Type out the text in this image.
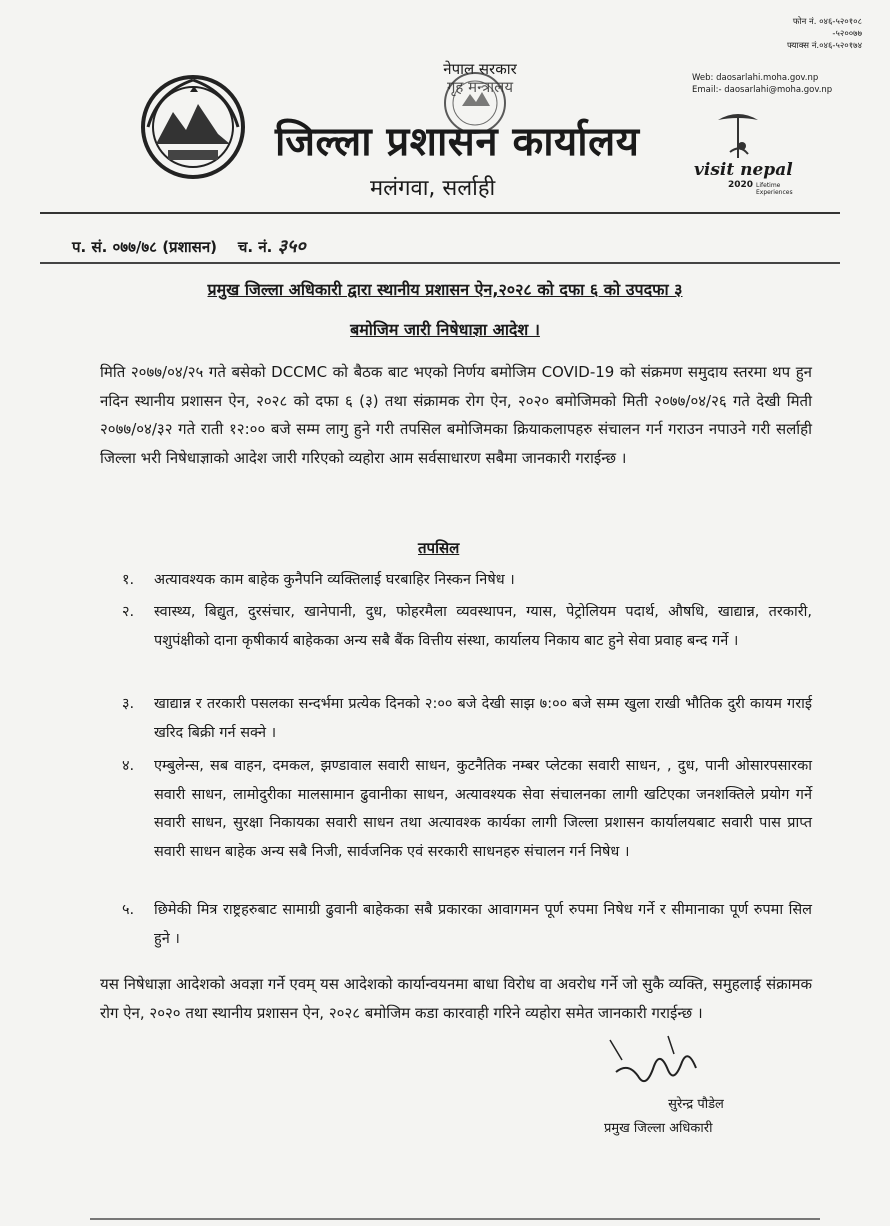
नेपाल सरकार
गृह मन्त्रालय
जिल्ला प्रशासन कार्यालय
मलंगवा, सर्लाही
फोन नं. ०४६-५२०१०८
-५२००७७
फ्याक्स नं.०४६-५२०१७४
Web: daosarlahi.moha.gov.np
Email:- daosarlahi@moha.gov.np
visit nepal
2020 Lifetime Experiences
प. सं. ०७७/७८ (प्रशासन) च. नं. ३५०
प्रमुख जिल्ला अधिकारी द्वारा स्थानीय प्रशासन ऐन,२०२८ को दफा ६ को उपदफा ३
बमोजिम जारी निषेधाज्ञा आदेश ।
मिति २०७७/०४/२५ गते बसेको DCCMC को बैठक बाट भएको निर्णय बमोजिम COVID-19 को संक्रमण समुदाय स्तरमा थप हुन नदिन स्थानीय प्रशासन ऐन, २०२८ को दफा ६ (३) तथा संक्रामक रोग ऐन, २०२० बमोजिमको मिती २०७७/०४/२६ गते देखी मिती २०७७/०४/३२ गते राती १२:०० बजे सम्म लागु हुने गरी तपसिल बमोजिमका क्रियाकलापहरु संचालन गर्न गराउन नपाउने गरी सर्लाही जिल्ला भरी निषेधाज्ञाको आदेश जारी गरिएको व्यहोरा आम सर्वसाधारण सबैमा जानकारी गराईन्छ ।
तपसिल
१.	अत्यावश्यक काम बाहेक कुनैपनि व्यक्तिलाई घरबाहिर निस्कन निषेध ।
२.	स्वास्थ्य, बिद्युत, दुरसंचार, खानेपानी, दुध, फोहरमैला व्यवस्थापन, ग्यास, पेट्रोलियम पदार्थ, औषधि, खाद्यान्न, तरकारी, पशुपंक्षीको दाना कृषीकार्य बाहेकका अन्य सबै बैंक वित्तीय संस्था, कार्यालय निकाय बाट हुने सेवा प्रवाह बन्द गर्ने ।
३.	खाद्यान्न र तरकारी पसलका सन्दर्भमा प्रत्येक दिनको २:०० बजे देखी साझ ७:०० बजे सम्म खुला राखी भौतिक दुरी कायम गराई खरिद बिक्री गर्न सक्ने ।
४.	एम्बुलेन्स, सब वाहन, दमकल, झण्डावाल सवारी साधन, कुटनैतिक नम्बर प्लेटका सवारी साधन, , दुध, पानी ओसारपसारका सवारी साधन, लामोदुरीका मालसामान ढुवानीका साधन, अत्यावश्यक सेवा संचालनका लागी खटिएका जनशक्तिले प्रयोग गर्ने सवारी साधन, सुरक्षा निकायका सवारी साधन तथा अत्यावश्क कार्यका लागी जिल्ला प्रशासन कार्यालयबाट सवारी पास प्राप्त सवारी साधन बाहेक अन्य सबै निजी, सार्वजनिक एवं सरकारी साधनहरु संचालन गर्न निषेध ।
५.	छिमेकी मित्र राष्ट्रहरुबाट सामाग्री ढुवानी बाहेकका सबै प्रकारका आवागमन पूर्ण रुपमा निषेध गर्ने र सीमानाका पूर्ण रुपमा सिल हुने ।
यस निषेधाज्ञा आदेशको अवज्ञा गर्ने एवम् यस आदेशको कार्यान्वयनमा बाधा विरोध वा अवरोध गर्ने जो सुकै व्यक्ति, समुहलाई संक्रामक रोग ऐन, २०२० तथा स्थानीय प्रशासन ऐन, २०२८ बमोजिम कडा कारवाही गरिने व्यहोरा समेत जानकारी गराईन्छ ।
सुरेन्द्र पौडेल
प्रमुख जिल्ला अधिकारी
